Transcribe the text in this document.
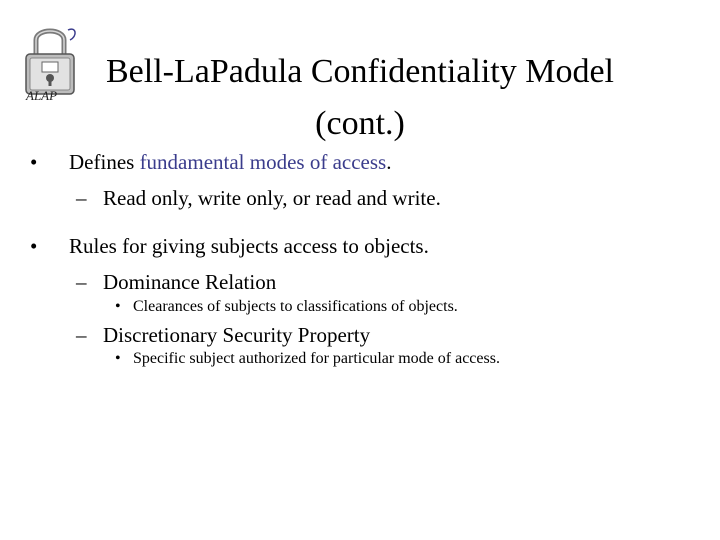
ALAP
Bell-LaPadula Confidentiality Model
(cont.)
• Defines fundamental modes of access.
– Read only, write only, or read and write.
• Rules for giving subjects access to objects.
– Dominance Relation
• Clearances of subjects to classifications of objects.
– Discretionary Security Property
• Specific subject authorized for particular mode of access.
